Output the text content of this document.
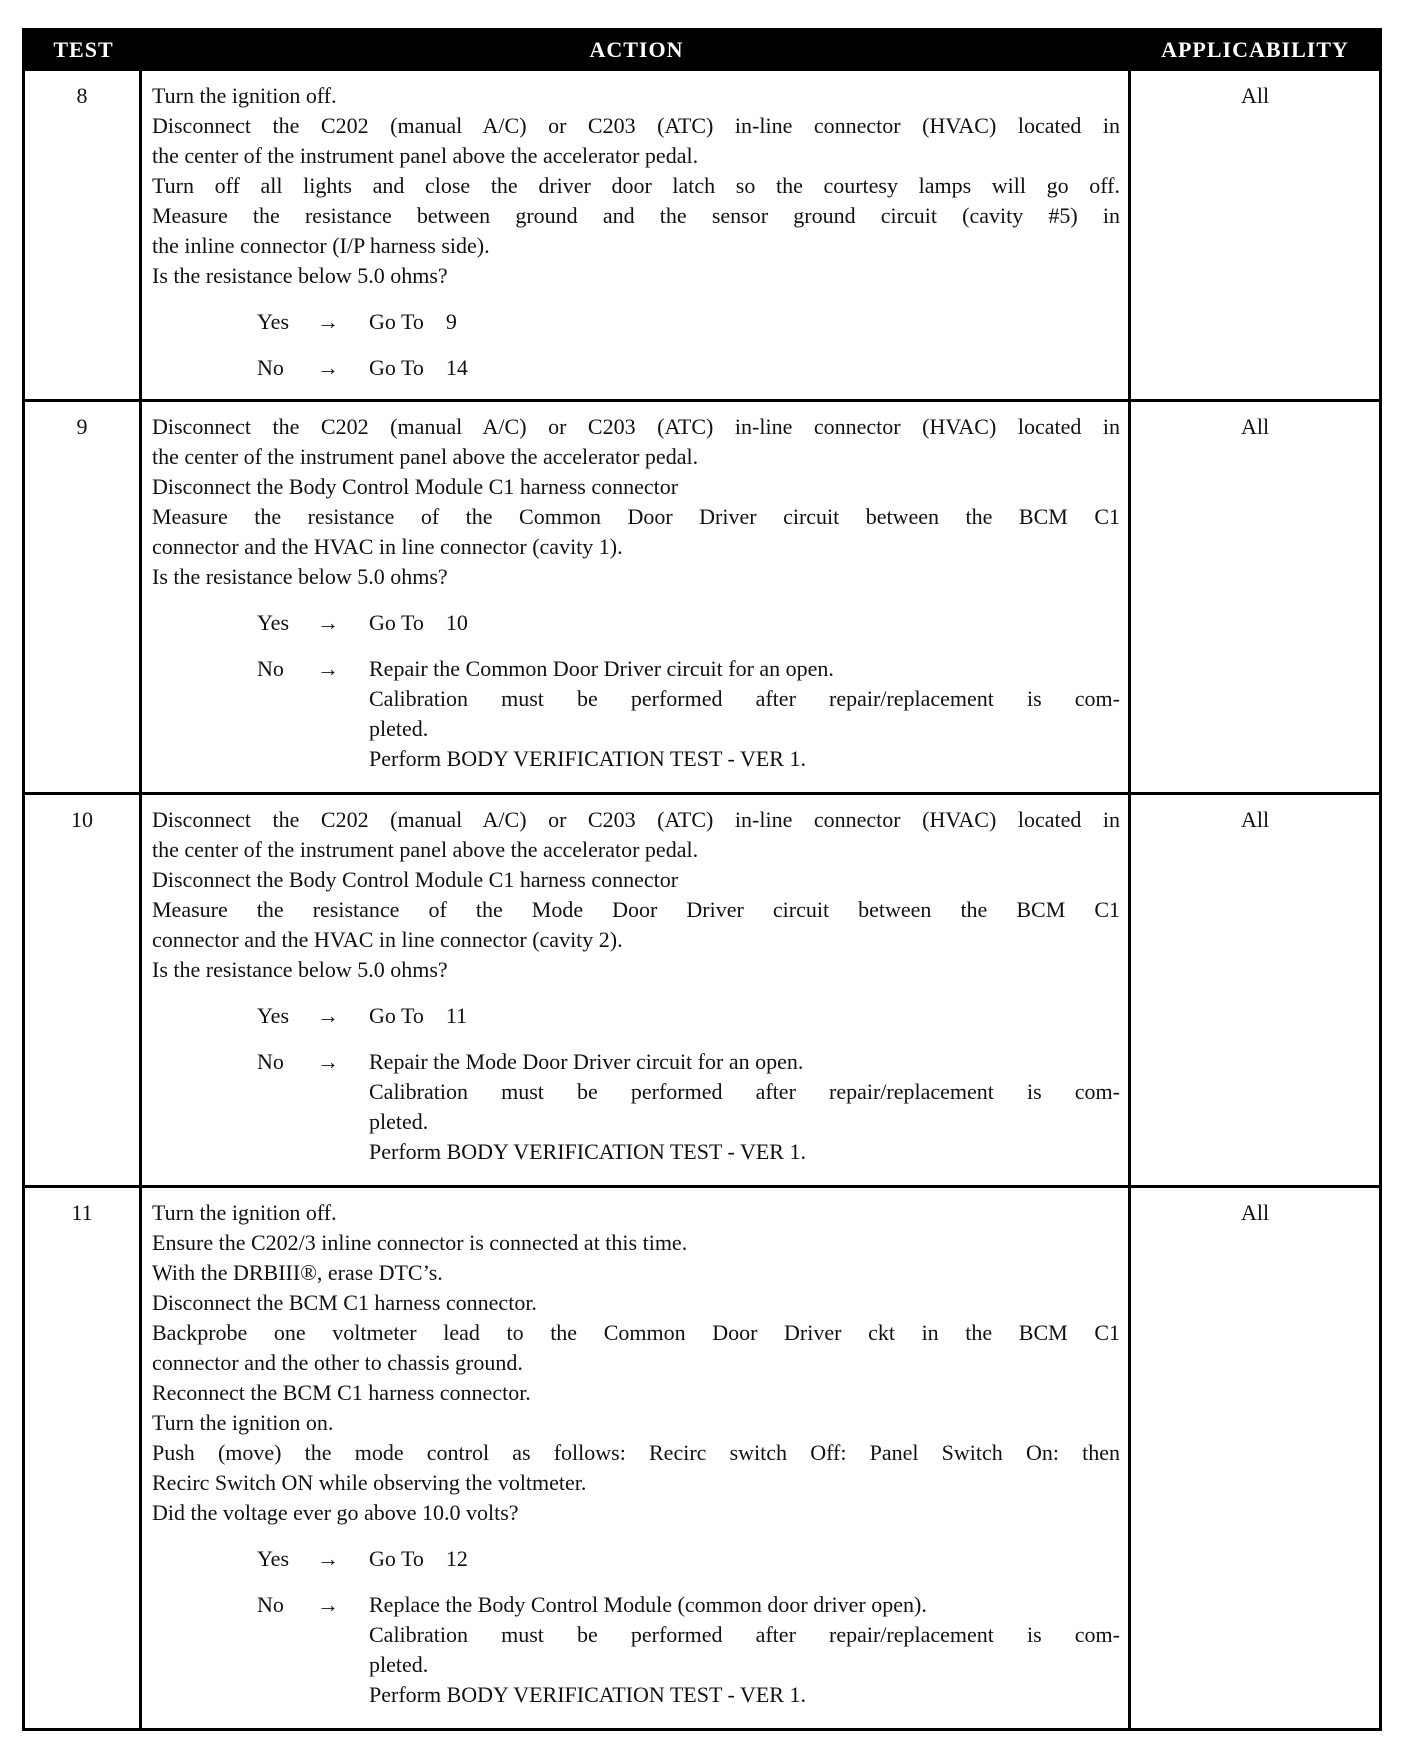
TEST	ACTION	APPLICABILITY
8	Turn the ignition off.
Disconnect the C202 (manual A/C) or C203 (ATC) in-line connector (HVAC) located in
the center of the instrument panel above the accelerator pedal.
Turn off all lights and close the driver door latch so the courtesy lamps will go off.
Measure the resistance between ground and the sensor ground circuit (cavity #5) in
the inline connector (I/P harness side).
Is the resistance below 5.0 ohms?
Yes	→	Go To 9
No	→	Go To 14
All
9	Disconnect the C202 (manual A/C) or C203 (ATC) in-line connector (HVAC) located in
the center of the instrument panel above the accelerator pedal.
Disconnect the Body Control Module C1 harness connector
Measure the resistance of the Common Door Driver circuit between the BCM C1
connector and the HVAC in line connector (cavity 1).
Is the resistance below 5.0 ohms?
Yes	→	Go To 10
No	→	Repair the Common Door Driver circuit for an open.
Calibration must be performed after repair/replacement is com-
pleted.
Perform BODY VERIFICATION TEST - VER 1.
All
10	Disconnect the C202 (manual A/C) or C203 (ATC) in-line connector (HVAC) located in
the center of the instrument panel above the accelerator pedal.
Disconnect the Body Control Module C1 harness connector
Measure the resistance of the Mode Door Driver circuit between the BCM C1
connector and the HVAC in line connector (cavity 2).
Is the resistance below 5.0 ohms?
Yes	→	Go To 11
No	→	Repair the Mode Door Driver circuit for an open.
Calibration must be performed after repair/replacement is com-
pleted.
Perform BODY VERIFICATION TEST - VER 1.
All
11	Turn the ignition off.
Ensure the C202/3 inline connector is connected at this time.
With the DRBIII®, erase DTC’s.
Disconnect the BCM C1 harness connector.
Backprobe one voltmeter lead to the Common Door Driver ckt in the BCM C1
connector and the other to chassis ground.
Reconnect the BCM C1 harness connector.
Turn the ignition on.
Push (move) the mode control as follows: Recirc switch Off: Panel Switch On: then
Recirc Switch ON while observing the voltmeter.
Did the voltage ever go above 10.0 volts?
Yes	→	Go To 12
No	→	Replace the Body Control Module (common door driver open).
Calibration must be performed after repair/replacement is com-
pleted.
Perform BODY VERIFICATION TEST - VER 1.
All
